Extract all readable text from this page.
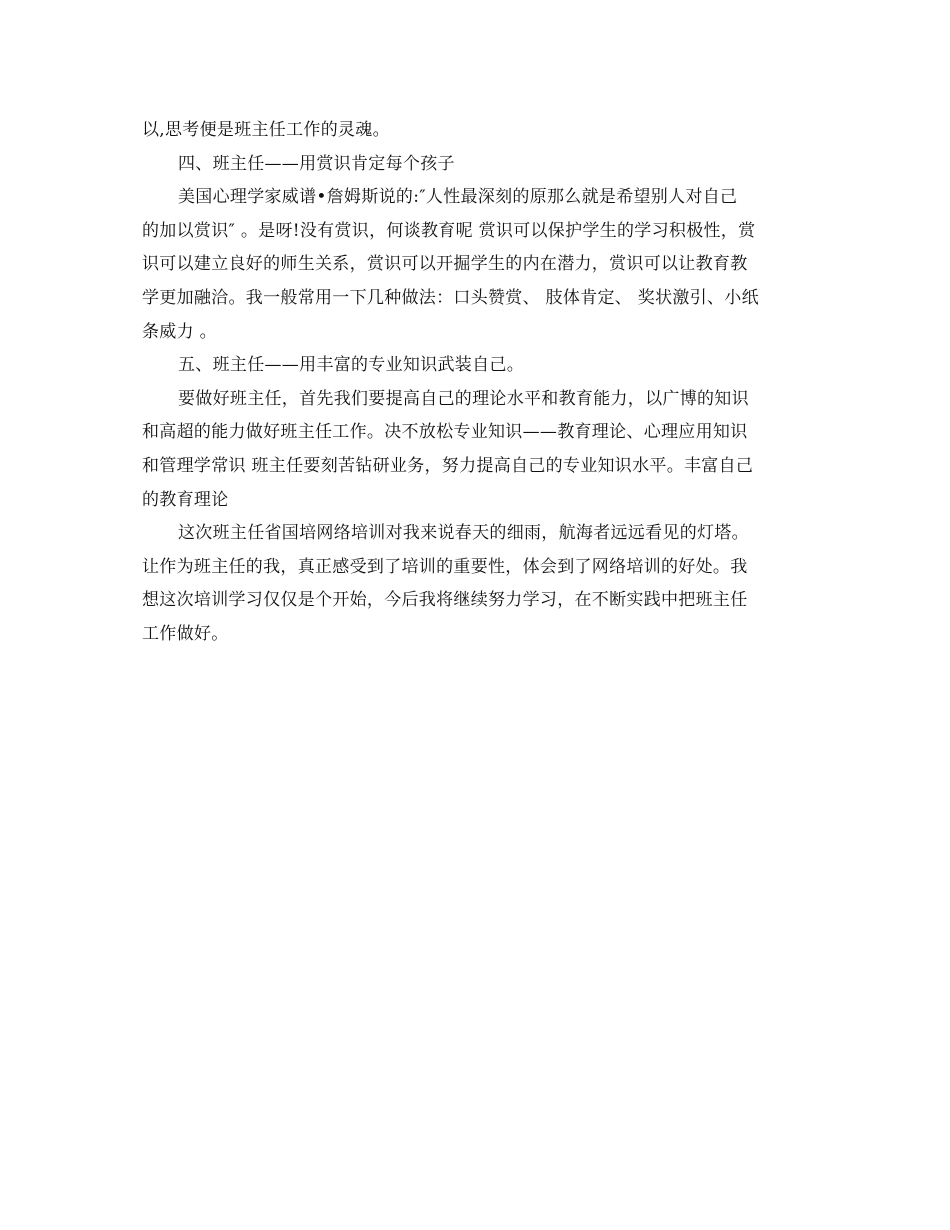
以,思考便是班主任工作的灵魂。
四、班主任——用赏识肯定每个孩子
美国心理学家威谱•詹姆斯说的:″人性最深刻的原那么就是希望别人对自己
的加以赏识″ 。是呀!没有赏识，何谈教育呢 赏识可以保护学生的学习积极性，赏
识可以建立良好的师生关系，赏识可以开掘学生的内在潜力，赏识可以让教育教
学更加融洽。我一般常用一下几种做法：口头赞赏、 肢体肯定、 奖状激引、小纸
条威力 。
五、班主任——用丰富的专业知识武装自己。
要做好班主任，首先我们要提高自己的理论水平和教育能力，以广博的知识
和高超的能力做好班主任工作。决不放松专业知识——教育理论、心理应用知识
和管理学常识 班主任要刻苦钻研业务，努力提高自己的专业知识水平。丰富自己
的教育理论
这次班主任省国培网络培训对我来说春天的细雨，航海者远远看见的灯塔。
让作为班主任的我，真正感受到了培训的重要性，体会到了网络培训的好处。我
想这次培训学习仅仅是个开始，今后我将继续努力学习，在不断实践中把班主任
工作做好。
